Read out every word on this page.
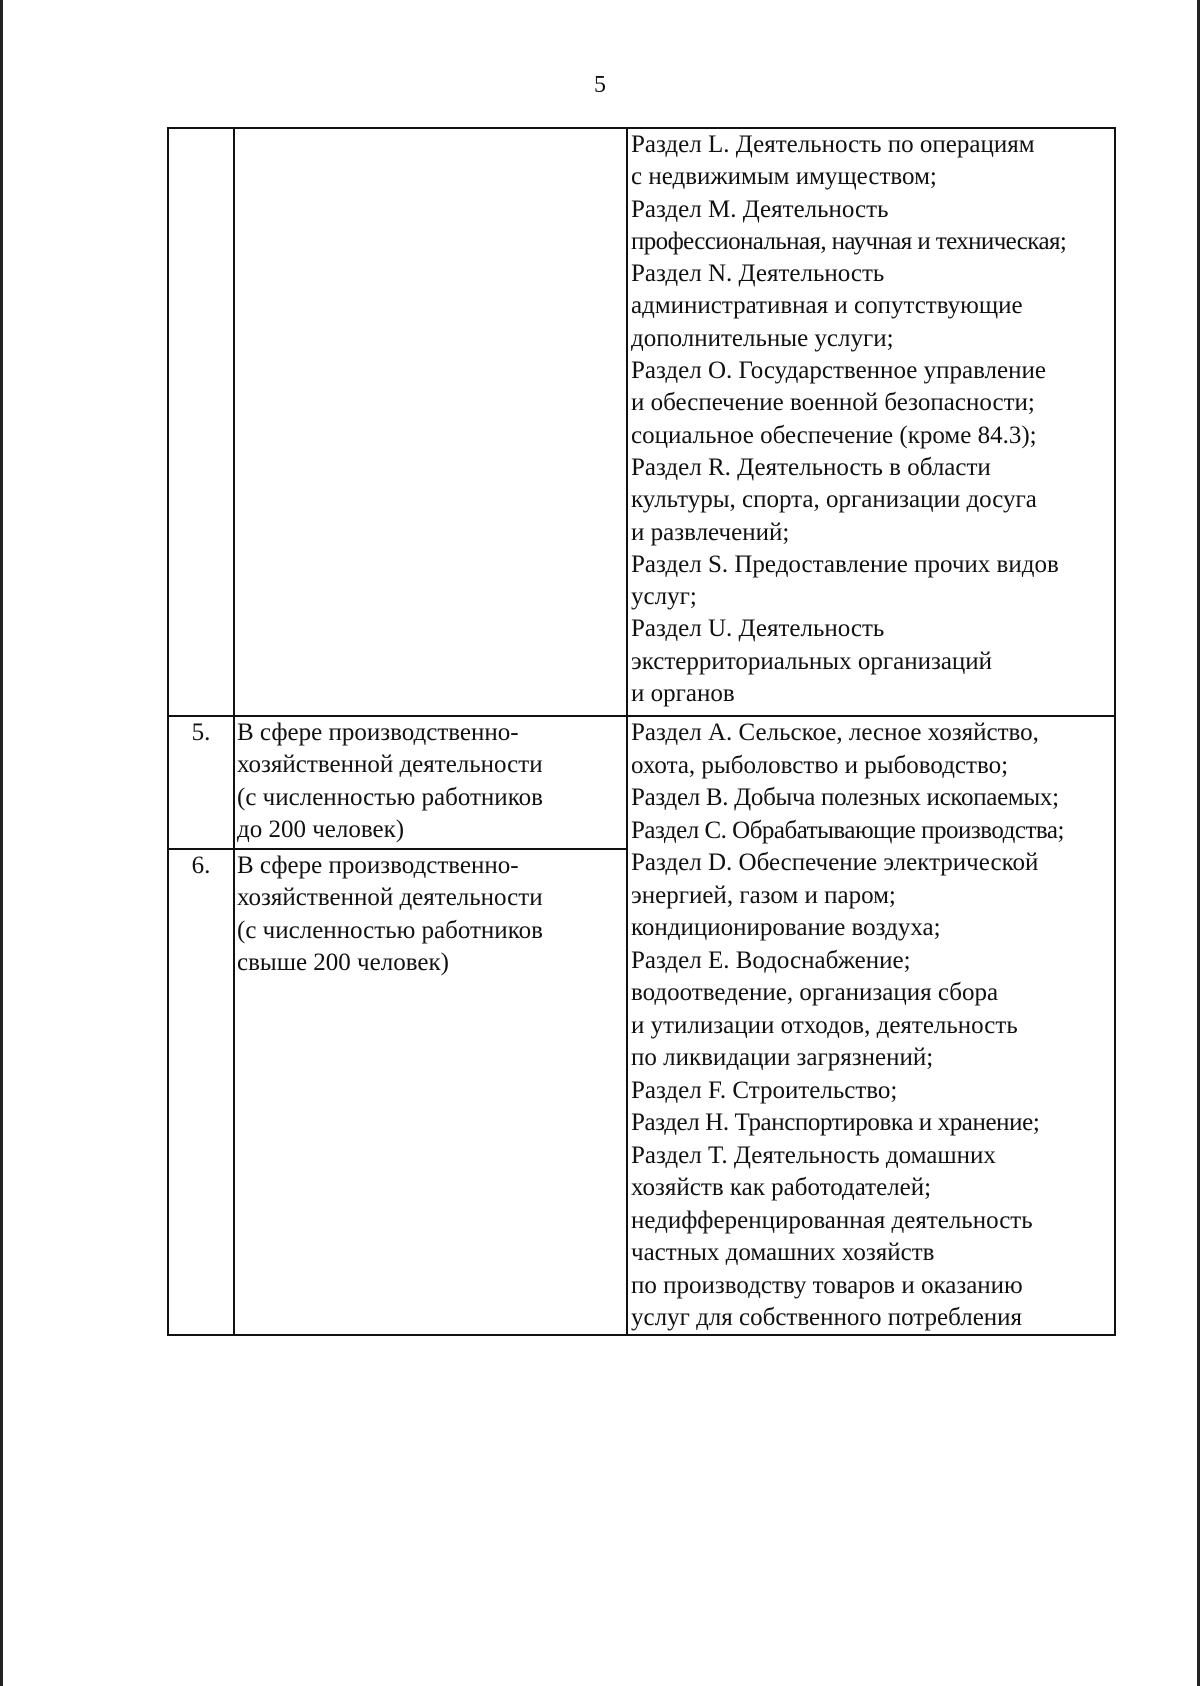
5
Раздел L. Деятельность по операциям
с недвижимым имуществом;
Раздел M. Деятельность
профессиональная, научная и техническая;
Раздел N. Деятельность
административная и сопутствующие
дополнительные услуги;
Раздел O. Государственное управление
и обеспечение военной безопасности;
социальное обеспечение (кроме 84.3);
Раздел R. Деятельность в области
культуры, спорта, организации досуга
и развлечений;
Раздел S. Предоставление прочих видов
услуг;
Раздел U. Деятельность
экстерриториальных организаций
и органов
5.	В сфере производственно-
хозяйственной деятельности
(с численностью работников
до 200 человек)
6.	В сфере производственно-
хозяйственной деятельности
(с численностью работников
свыше 200 человек)
Раздел A. Сельское, лесное хозяйство,
охота, рыболовство и рыбоводство;
Раздел B. Добыча полезных ископаемых;
Раздел C. Обрабатывающие производства;
Раздел D. Обеспечение электрической
энергией, газом и паром;
кондиционирование воздуха;
Раздел E. Водоснабжение;
водоотведение, организация сбора
и утилизации отходов, деятельность
по ликвидации загрязнений;
Раздел F. Строительство;
Раздел H. Транспортировка и хранение;
Раздел T. Деятельность домашних
хозяйств как работодателей;
недифференцированная деятельность
частных домашних хозяйств
по производству товаров и оказанию
услуг для собственного потребления
